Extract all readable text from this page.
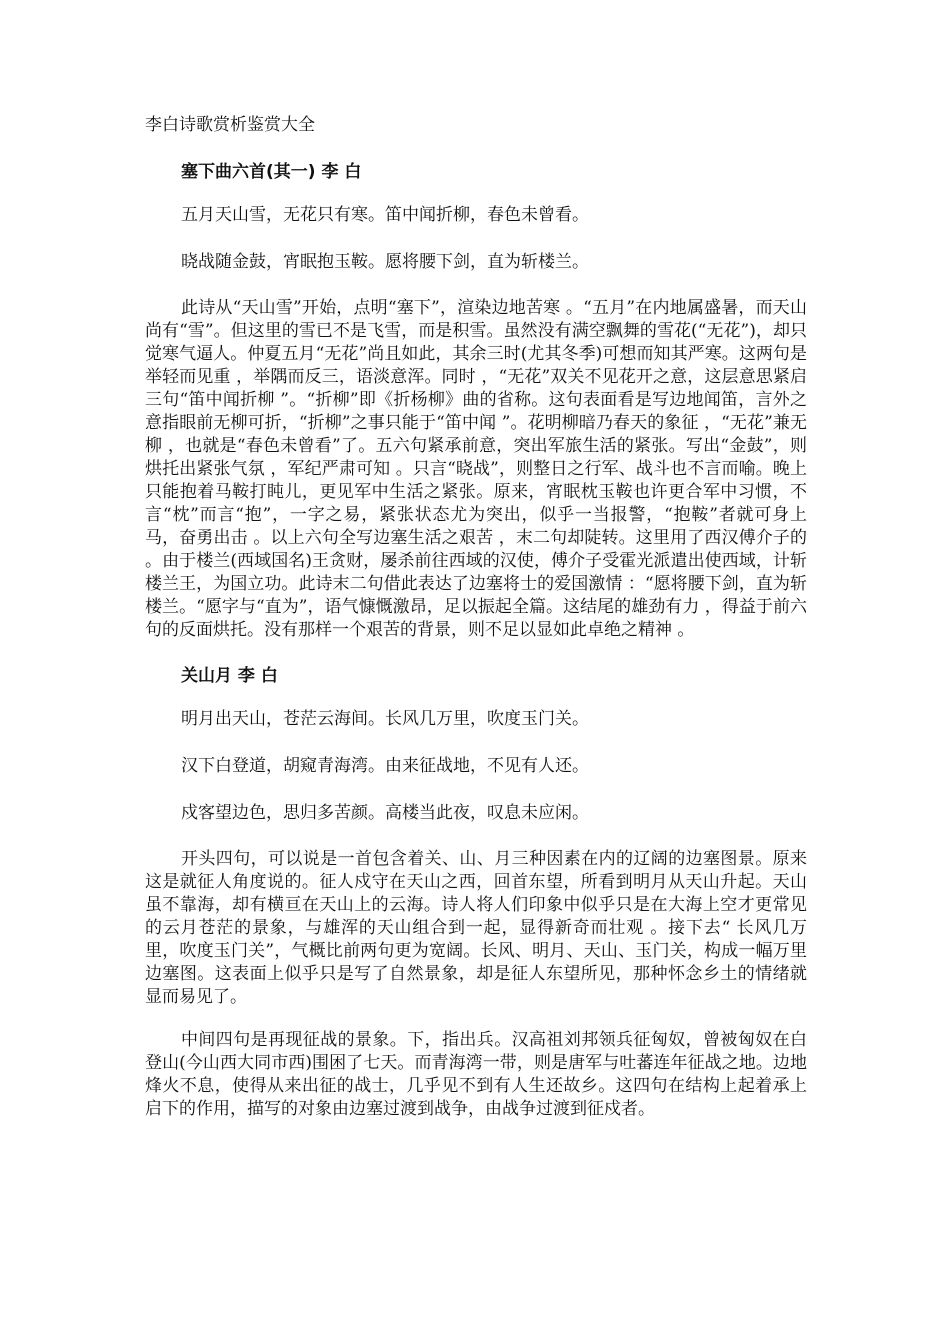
李白诗歌赏析鉴赏大全

塞下曲六首(其一) 李 白

五月天山雪，无花只有寒。笛中闻折柳，春色未曾看。

晓战随金鼓，宵眠抱玉鞍。愿将腰下剑，直为斩楼兰。

此诗从“天山雪”开始，点明“塞下”，渲染边地苦寒 。“五月”在内地属盛暑，而天山尚有“雪”。但这里的雪已不是飞雪，而是积雪。虽然没有满空飘舞的雪花(“无花”)，却只觉寒气逼人。仲夏五月“无花”尚且如此，其余三时(尤其冬季)可想而知其严寒。这两句是举轻而见重 ，举隅而反三，语淡意浑。同时 ，“无花”双关不见花开之意，这层意思紧启三句“笛中闻折柳 ”。“折柳”即《折杨柳》曲的省称。这句表面看是写边地闻笛，言外之意指眼前无柳可折，“折柳”之事只能于“笛中闻 ”。花明柳暗乃春天的象征 ，“无花”兼无柳 ，也就是“春色未曾看”了。五六句紧承前意，突出军旅生活的紧张。写出“金鼓”，则烘托出紧张气氛 ，军纪严肃可知 。只言“晓战”，则整日之行军、战斗也不言而喻。晚上只能抱着马鞍打盹儿，更见军中生活之紧张。原来，宵眠枕玉鞍也许更合军中习惯，不言“枕”而言“抱”，一字之易，紧张状态尤为突出，似乎一当报警，“抱鞍”者就可身上马，奋勇出击 。以上六句全写边塞生活之艰苦 ，末二句却陡转。这里用了西汉傅介子的 。由于楼兰(西域国名)王贪财，屡杀前往西域的汉使，傅介子受霍光派遣出使西域，计斩楼兰王，为国立功。此诗末二句借此表达了边塞将士的爱国激情 ：“愿将腰下剑，直为斩楼兰。“愿字与“直为”，语气慷慨激昂，足以振起全篇。这结尾的雄劲有力 ，得益于前六句的反面烘托。没有那样一个艰苦的背景，则不足以显如此卓绝之精神 。

关山月 李 白

明月出天山，苍茫云海间。长风几万里，吹度玉门关。

汉下白登道，胡窥青海湾。由来征战地，不见有人还。

戍客望边色，思归多苦颜。高楼当此夜，叹息未应闲。

开头四句，可以说是一首包含着关、山、月三种因素在内的辽阔的边塞图景。原来这是就征人角度说的。征人戍守在天山之西，回首东望，所看到明月从天山升起。天山虽不靠海，却有横亘在天山上的云海。诗人将人们印象中似乎只是在大海上空才更常见的云月苍茫的景象，与雄浑的天山组合到一起，显得新奇而壮观 。接下去“ 长风几万里，吹度玉门关”，气概比前两句更为宽阔。长风、明月、天山、玉门关，构成一幅万里边塞图。这表面上似乎只是写了自然景象，却是征人东望所见，那种怀念乡土的情绪就显而易见了。

中间四句是再现征战的景象。下，指出兵。汉高祖刘邦领兵征匈奴，曾被匈奴在白登山(今山西大同市西)围困了七天。而青海湾一带，则是唐军与吐蕃连年征战之地。边地烽火不息，使得从来出征的战士，几乎见不到有人生还故乡。这四句在结构上起着承上启下的作用，描写的对象由边塞过渡到战争，由战争过渡到征戍者。
